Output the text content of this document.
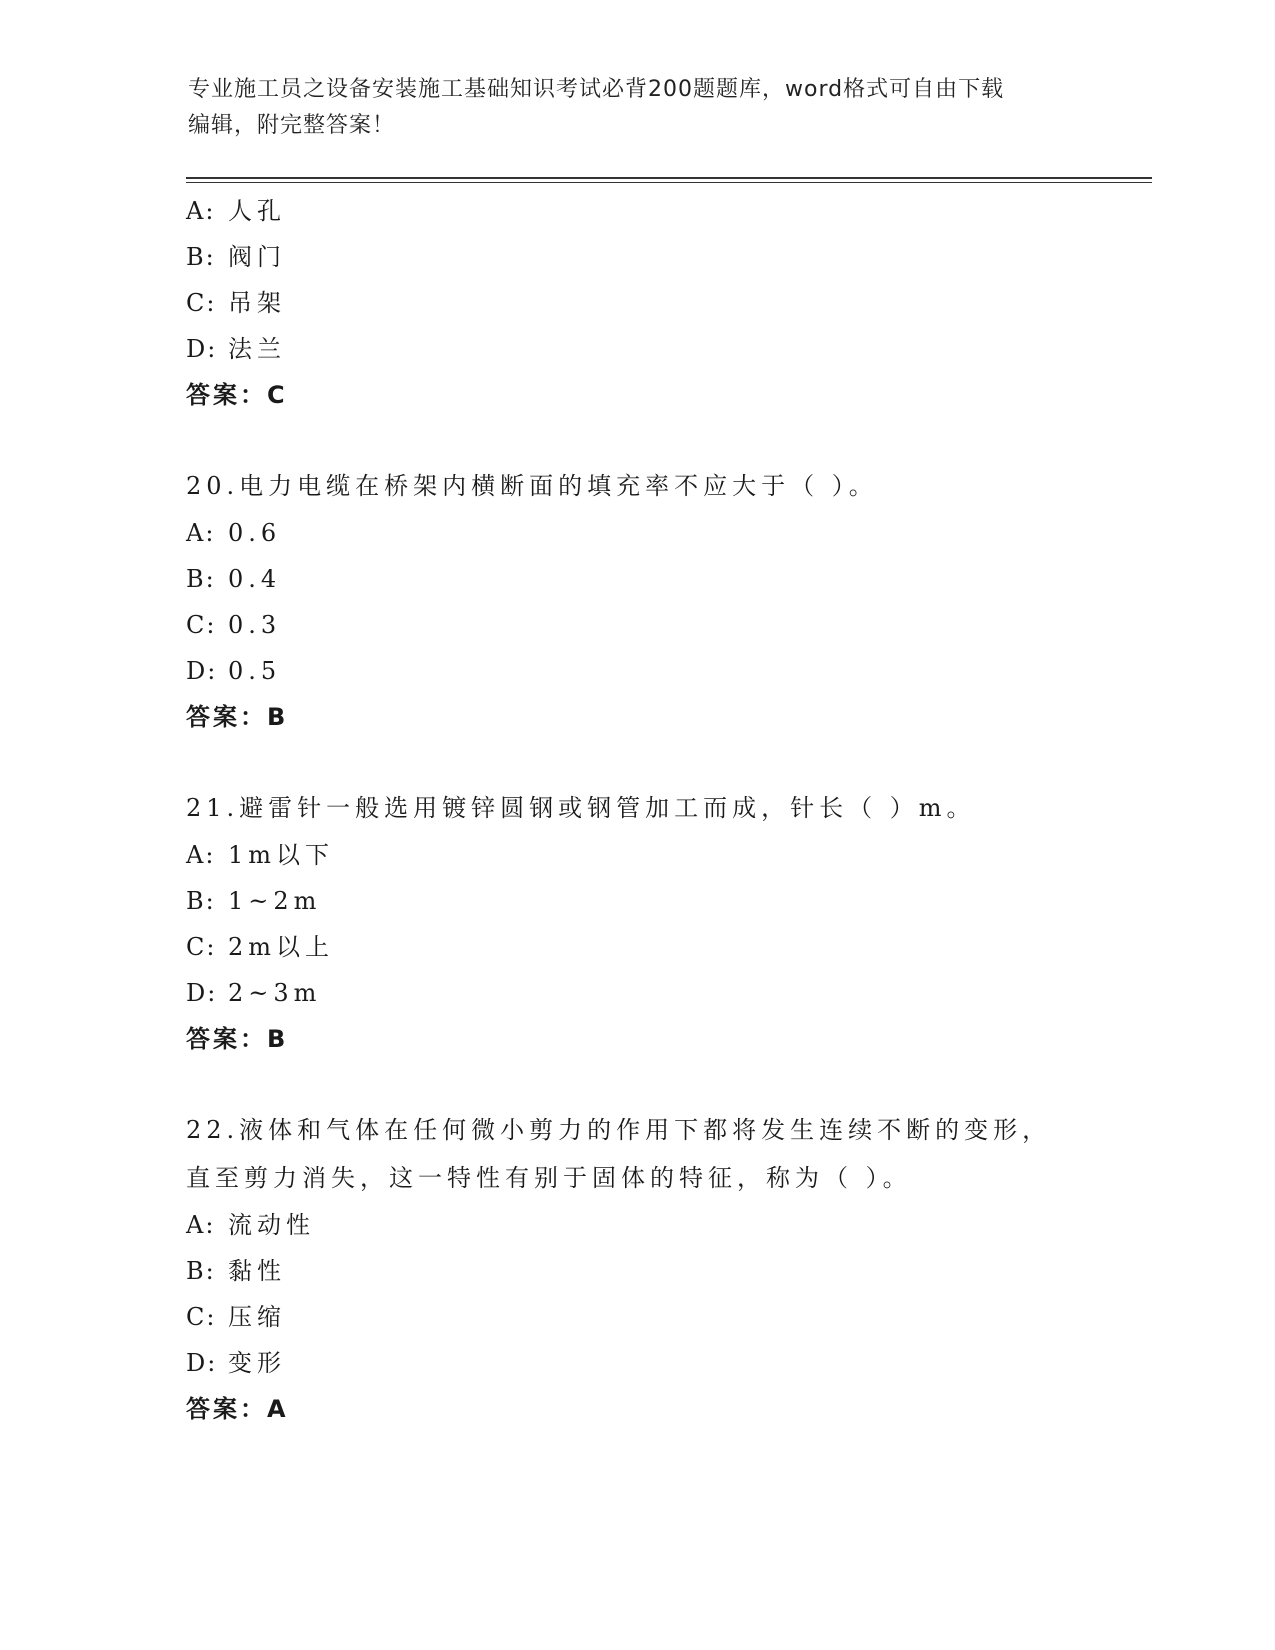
专业施工员之设备安装施工基础知识考试必背200题题库，word格式可自由下载
编辑，附完整答案！
A: 人孔
B: 阀门
C: 吊架
D: 法兰
答案：C
20.电力电缆在桥架内横断面的填充率不应大于（ ）。
A: 0.6
B: 0.4
C: 0.3
D: 0.5
答案：B
21.避雷针一般选用镀锌圆钢或钢管加工而成，针长（ ）m。
A: 1m以下
B: 1~2m
C: 2m以上
D: 2~3m
答案：B
22.液体和气体在任何微小剪力的作用下都将发生连续不断的变形，直至剪力消失，这一特性有别于固体的特征，称为（ ）。
A: 流动性
B: 黏性
C: 压缩
D: 变形
答案：A
